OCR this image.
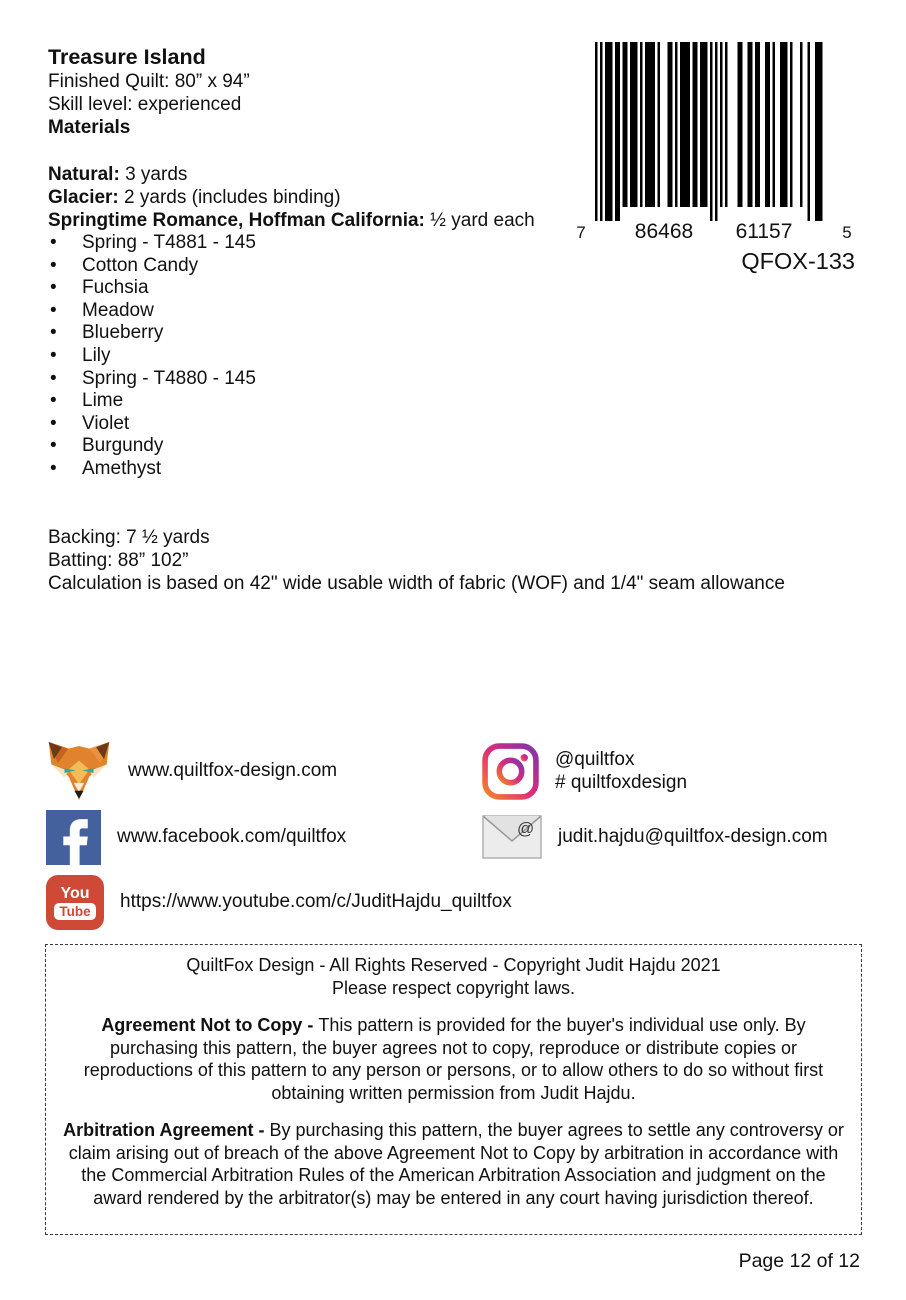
Treasure Island

Finished Quilt: 80” x 94”

Skill level: experienced

Materials

Natural: 3 yards

Glacier: 2 yards (includes binding)

Springtime Romance, Hoffman California: ½ yard each

• Spring - T4881 - 145
• Cotton Candy
• Fuchsia
• Meadow
• Blueberry
• Lily
• Spring - T4880 - 145
• Lime
• Violet
• Burgundy
• Amethyst

Backing: 7 ½ yards

Batting: 88” 102”

Calculation is based on 42" wide usable width of fabric (WOF) and 1/4" seam allowance

7 86468 61157	5
QFOX-133
www.quiltfox-design.com
@quiltfox
# quiltfoxdesign
www.facebook.com/quiltfox	@ judit.hajdu@quiltfox-design.com
You
Tube https://www.youtube.com/c/JuditHajdu_quiltfox

QuiltFox Design - All Rights Reserved - Copyright Judit Hajdu 2021

Please respect copyright laws.

Agreement Not to Copy - This pattern is provided for the buyer's individual use only. By purchasing this pattern, the buyer agrees not to copy, reproduce or distribute copies or reproductions of this pattern to any person or persons, or to allow others to do so without first obtaining written permission from Judit Hajdu.

Arbitration Agreement - By purchasing this pattern, the buyer agrees to settle any controversy or claim arising out of breach of the above Agreement Not to Copy by arbitration in accordance with the Commercial Arbitration Rules of the American Arbitration Association and judgment on the award rendered by the arbitrator(s) may be entered in any court having jurisdiction thereof.

Page 12 of 12
